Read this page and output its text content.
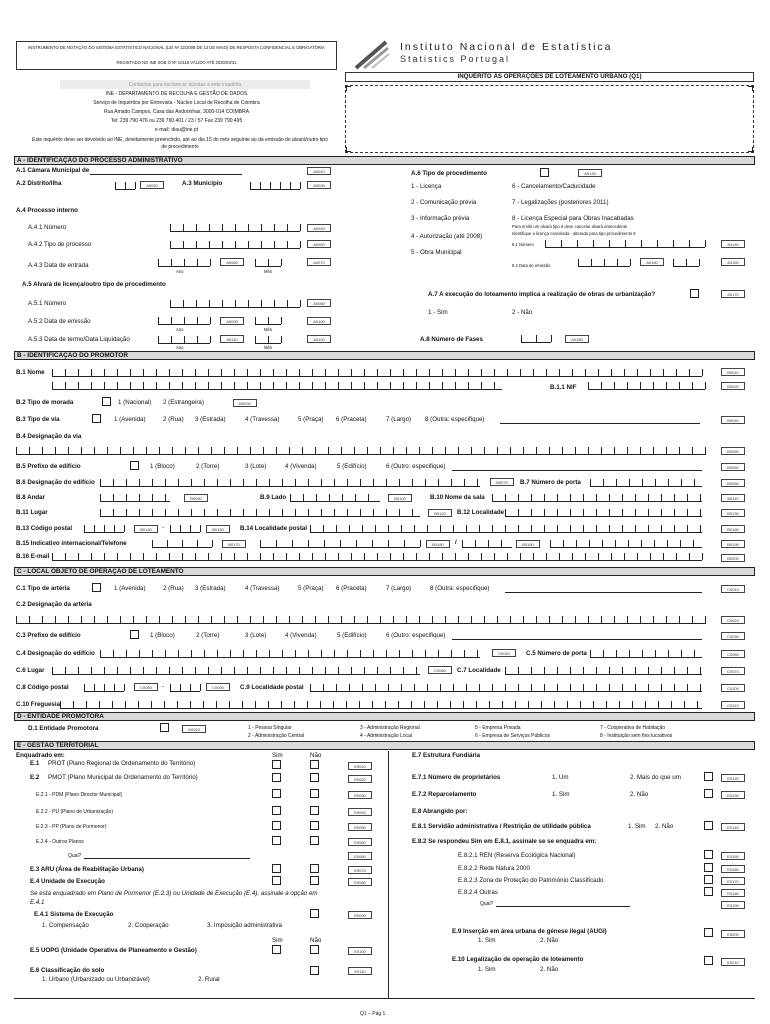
INSTRUMENTO DE NOTAÇÃO DO SISTEMA ESTATÍSTICO NACIONAL (LEI Nº 22/2008 DE 13 DE MAIO) DE RESPOSTA CONFIDENCIAL E OBRIGATÓRIA
REGISTADO NO INE SOB O Nº 10115 VÁLIDO ATÉ 2020/03/31
Instituto Nacional de Estatística
Statistics Portugal
INQUÉRITO ÀS OPERAÇÕES DE LOTEAMENTO URBANO (Q1)
Contactos para esclarecer dúvidas a este inquérito
INE - DEPARTAMENTO DE RECOLHA E GESTÃO DE DADOS
Serviço de Inquéritos por Entrevista - Núcleo Local de Recolha de Coimbra
Rua Amado Campos, Casa das Andorinhas, 3000-014 COIMBRA
Tel: 239 790 476 ou 239 790 401 / 23 / 57 Fax 239 790 495
e-mail: diau@ine.pt
Este inquérito deve ser devolvido ao INE, devidamente preenchido, até ao dia 15 do mês seguinte ao da emissão do alvará/outro tipo de procedimento
A - IDENTIFICAÇÃO DO PROCESSO ADMINISTRATIVO
A.1 Câmara Municipal de	A0010
A.2 Distrito/Ilha	A0020	A.3 Município	A0030
A.4 Processo interno
A.4.1 Número	A0040
A.4.2 Tipo de processo	A0050
A.4.3 Data de entrada	A0060	A0070
Ano	Mês
A.5 Alvará de licença/outro tipo de procedimento
A.5.1 Número	A0080
A.5.2 Data de emissão	A0090	A0100
Ano	Mês
A.5.3 Data de termo/Data Liquidação	A0110	A0120
Ano	Mês
A.6 Tipo de procedimento	A0130
1 - Licença
2 - Comunicação prévia
3 - Informação prévia
4 - Autorização (até 2008)
5 - Obra Municipal
6 - Cancelamento/Caducidade
7 - Legalizações (posteriores 2011)
8 - Licença Especial para Obras Inacabadas
Para emitir um alvará tipo 6 deve cancelar alvará antecedente
Identifique a licença cancelada - alterada para tipo procedimento 6
8.1 Número	A0140
8.2 Data de emissão
A0150	A0160
A.7 A execução do loteamento implica a realização de obras de urbanização?	A0170
1 - Sim	2 - Não
A.8 Número de Fases	A0180
B - IDENTIFICAÇÃO DO PROMOTOR
B.1 Nome	B0010
B.1.1 NIF	B0020
B.2 Tipo de morada	1 (Nacional) 2 (Estrangeira)	B0030
B.3 Tipo de via	1 (Avenida)	2 (Rua) 3 (Estrada)	4 (Travessa)	5 (Praça) 6 (Praceta)	7 (Largo) 8 (Outra: especifique)	B0040
B.4 Designação da via
B0050
B.5 Prefixo de edifício	1 (Bloco)	2 (Torre)	3 (Lote)	4 (Vivenda)	5 (Edifício)	6 (Outro: especifique)	B0060
B.6 Designação do edifício	B0070	B.7 Número de porta	B0080
B.8 Andar	B0090	B.9 Lado	B0100	B.10 Nome da sala	B0110
B.11 Lugar	B0120	B.12 Localidade	B0130
B.13 Código postal	B0140	-	B0150	B.14 Localidade postal	B0160
B.15 Indicativo internacional/Telefone	B0170	B0180	/	B0190	B0190
B.16 E-mail	B0200
C - LOCAL OBJETO DE OPERAÇÃO DE LOTEAMENTO
C.1 Tipo de artéria	1 (Avenida)	2 (Rua) 3 (Estrada)	4 (Travessa)	5 (Praça) 6 (Praceta)	7 (Largo)	8 (Outra: especifique)	C0010
C.2 Designação da artéria
C0020
C.3 Prefixo de edifício	1 (Bloco)	2 (Torre)	3 (Lote)	4 (Vivenda)	5 (Edifício)	6 (Outro: especifique)	C0030
C.4 Designação do edifício	C0040	C.5 Número de porta	C0050
C.6 Lugar	C0060	C.7 Localidade	C0070
C.8 Código postal	C0080	-	C0090	C.9 Localidade postal	C0100
C.10 Freguesia	C0110
D - ENTIDADE PROMOTORA
D.1 Entidade Promotora	D0010	1 - Pessoa Singular
2 - Administração Central
3 - Administração Regional
4 - Administração Local
5 - Empresa Privada
6 - Empresa de Serviços Públicos
7 - Cooperativa de Habitação
8 - Instituição sem fins lucrativos
E - GESTÃO TERRITORIAL
Enquadrado em:	Sim	Não
E.1 PROT (Plano Regional de Ordenamento do Território)	E0010
E.2 PMOT (Plano Municipal de Ordenamento do Território)	E0020
E.2.1 - PDM (Plano Director Municipal)	E0030
E.2.2 - PU (Plano de Urbanização)	E0040
E.2.3 - PP (Plano de Pormenor)	E0050
E.2.4 - Outros Planos	E0060
Qual?	E0060
E.3 ARU (Área de Reabilitação Urbana)	E0070
E.4 Unidade de Execução	E0080
Se está enquadrado em Plano de Pormenor (E.2.3) ou Unidade de Execução (E.4), assinale a opção em
E.4.1
E.4.1 Sistema de Execução	E0090
1. Compensação	2. Cooperação	3. Imposição administrativa
Sim	Não
E.5 UOPG (Unidade Operativa de Planeamento e Gestão)	E0100
E.6 Classificação do solo	E0110
1. Urbano (Urbanizado ou Urbanizável)	2. Rural
E.7 Estrutura Fundiária
E.7.1 Número de proprietários	1. Um	2. Mais do que um	E0120
E.7.2 Reparcelamento	1. Sim	2. Não	E0130
E.8 Abrangido por:
E.8.1 Servidão administrativa / Restrição de utilidade pública	1. Sim 2. Não	E0140
E.8.2 Se respondeu Sim em E.8.1, assinale se se enquadra em:
E.8.2.1 REN (Reserva Ecológica Nacional)	E0150
E.8.2.2 Rede Natura 2000	E0160
E.8.2.3 Zona de Proteção do Património Classificado	E0170
E.8.2.4 Outras	E0180
Qual?	E0190
E.9 Inserção em área urbana de génese ilegal (AUGI)
1. Sim	2. Não
E0200
E.10 Legalização de operação de loteamento
1. Sim	2. Não
E0210
Q1 – Pág 1
